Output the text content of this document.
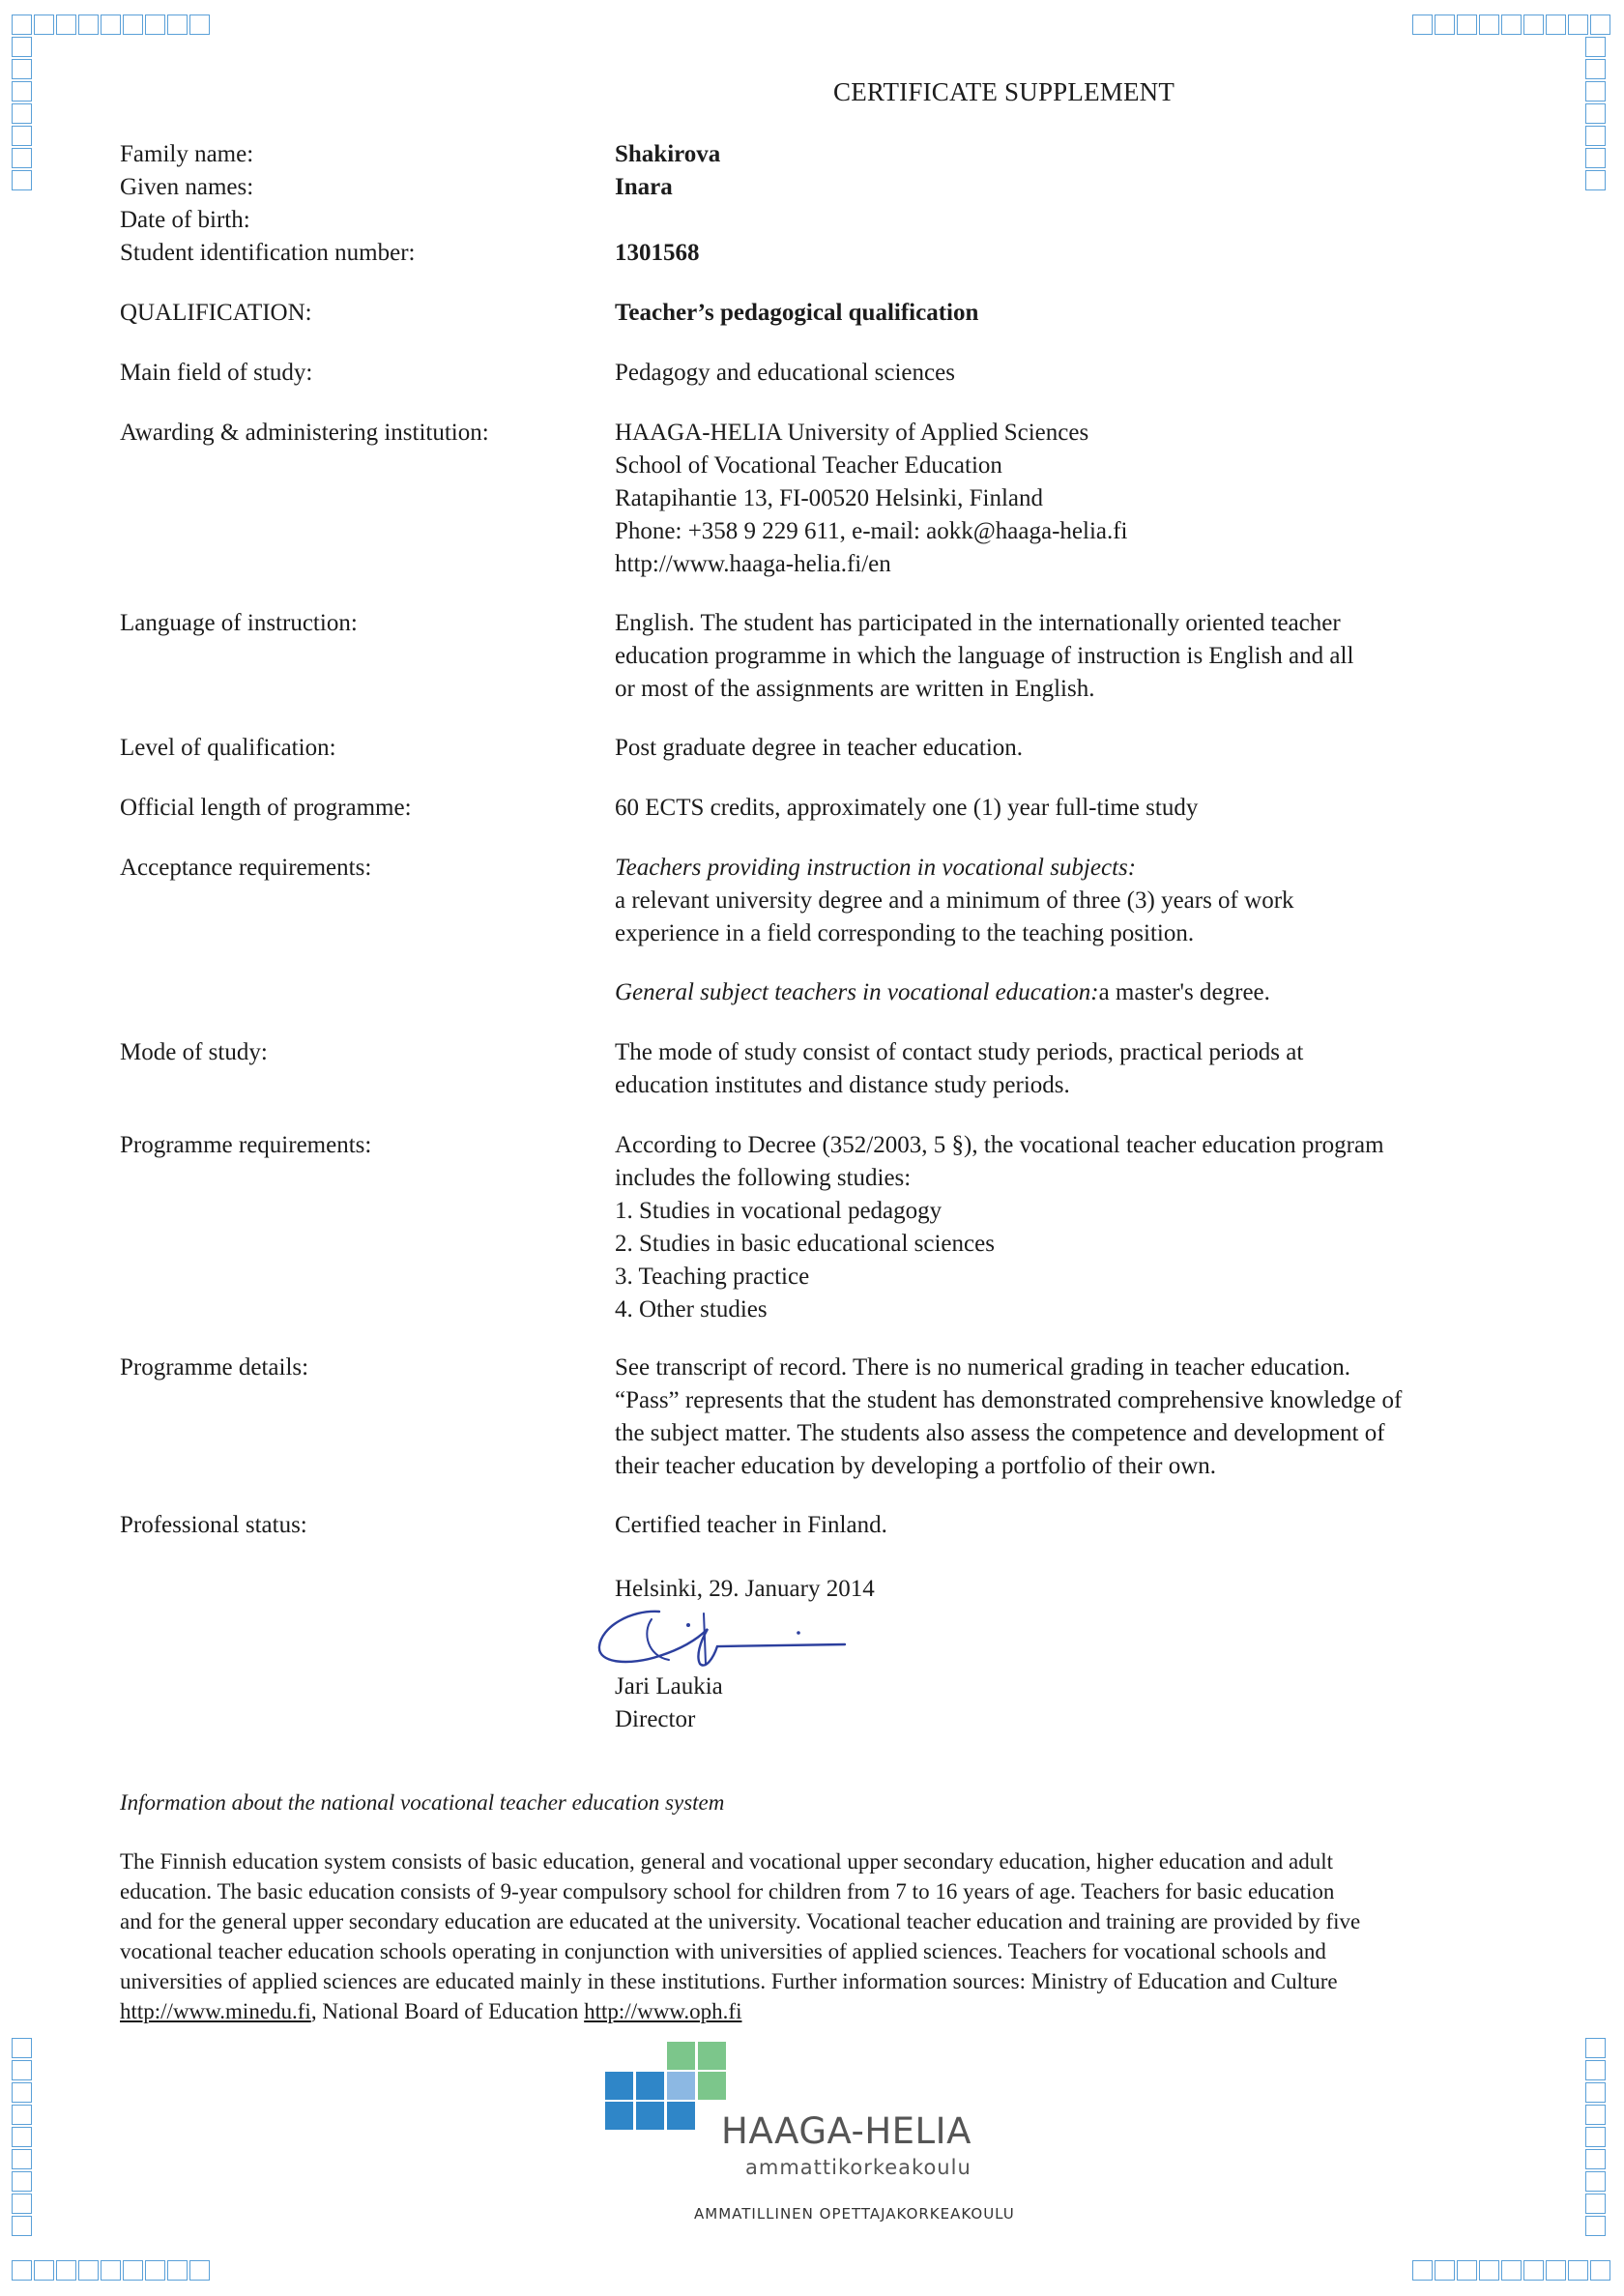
CERTIFICATE SUPPLEMENT
Family name:	Shakirova
Given names:	Inara
Date of birth:
Student identification number:	1301568
QUALIFICATION:	Teacher’s pedagogical qualification
Main field of study:	Pedagogy and educational sciences
Awarding & administering institution:	HAAGA-HELIA University of Applied Sciences
School of Vocational Teacher Education
Ratapihantie 13, FI-00520 Helsinki, Finland
Phone: +358 9 229 611, e-mail: aokk@haaga-helia.fi
http://www.haaga-helia.fi/en
Language of instruction:	English. The student has participated in the internationally oriented teacher
education programme in which the language of instruction is English and all
or most of the assignments are written in English.
Level of qualification:	Post graduate degree in teacher education.
Official length of programme:	60 ECTS credits, approximately one (1) year full-time study
Acceptance requirements:	Teachers providing instruction in vocational subjects:
a relevant university degree and a minimum of three (3) years of work
experience in a field corresponding to the teaching position.
General subject teachers in vocational education:a master's degree.
Mode of study:	The mode of study consist of contact study periods, practical periods at
education institutes and distance study periods.
Programme requirements:	According to Decree (352/2003, 5 §), the vocational teacher education program
includes the following studies:
1. Studies in vocational pedagogy
2. Studies in basic educational sciences
3. Teaching practice
4. Other studies
Programme details:	See transcript of record. There is no numerical grading in teacher education.
“Pass” represents that the student has demonstrated comprehensive knowledge of
the subject matter. The students also assess the competence and development of
their teacher education by developing a portfolio of their own.
Professional status:	Certified teacher in Finland.
Helsinki, 29. January 2014
Jari Laukia
Director
Information about the national vocational teacher education system
The Finnish education system consists of basic education, general and vocational upper secondary education, higher education and adult
education. The basic education consists of 9-year compulsory school for children from 7 to 16 years of age. Teachers for basic education
and for the general upper secondary education are educated at the university. Vocational teacher education and training are provided by five
vocational teacher education schools operating in conjunction with universities of applied sciences. Teachers for vocational schools and
universities of applied sciences are educated mainly in these institutions. Further information sources: Ministry of Education and Culture
http://www.minedu.fi, National Board of Education http://www.oph.fi
HAAGA-HELIA
ammattikorkeakoulu
AMMATILLINEN OPETTAJAKORKEAKOULU
